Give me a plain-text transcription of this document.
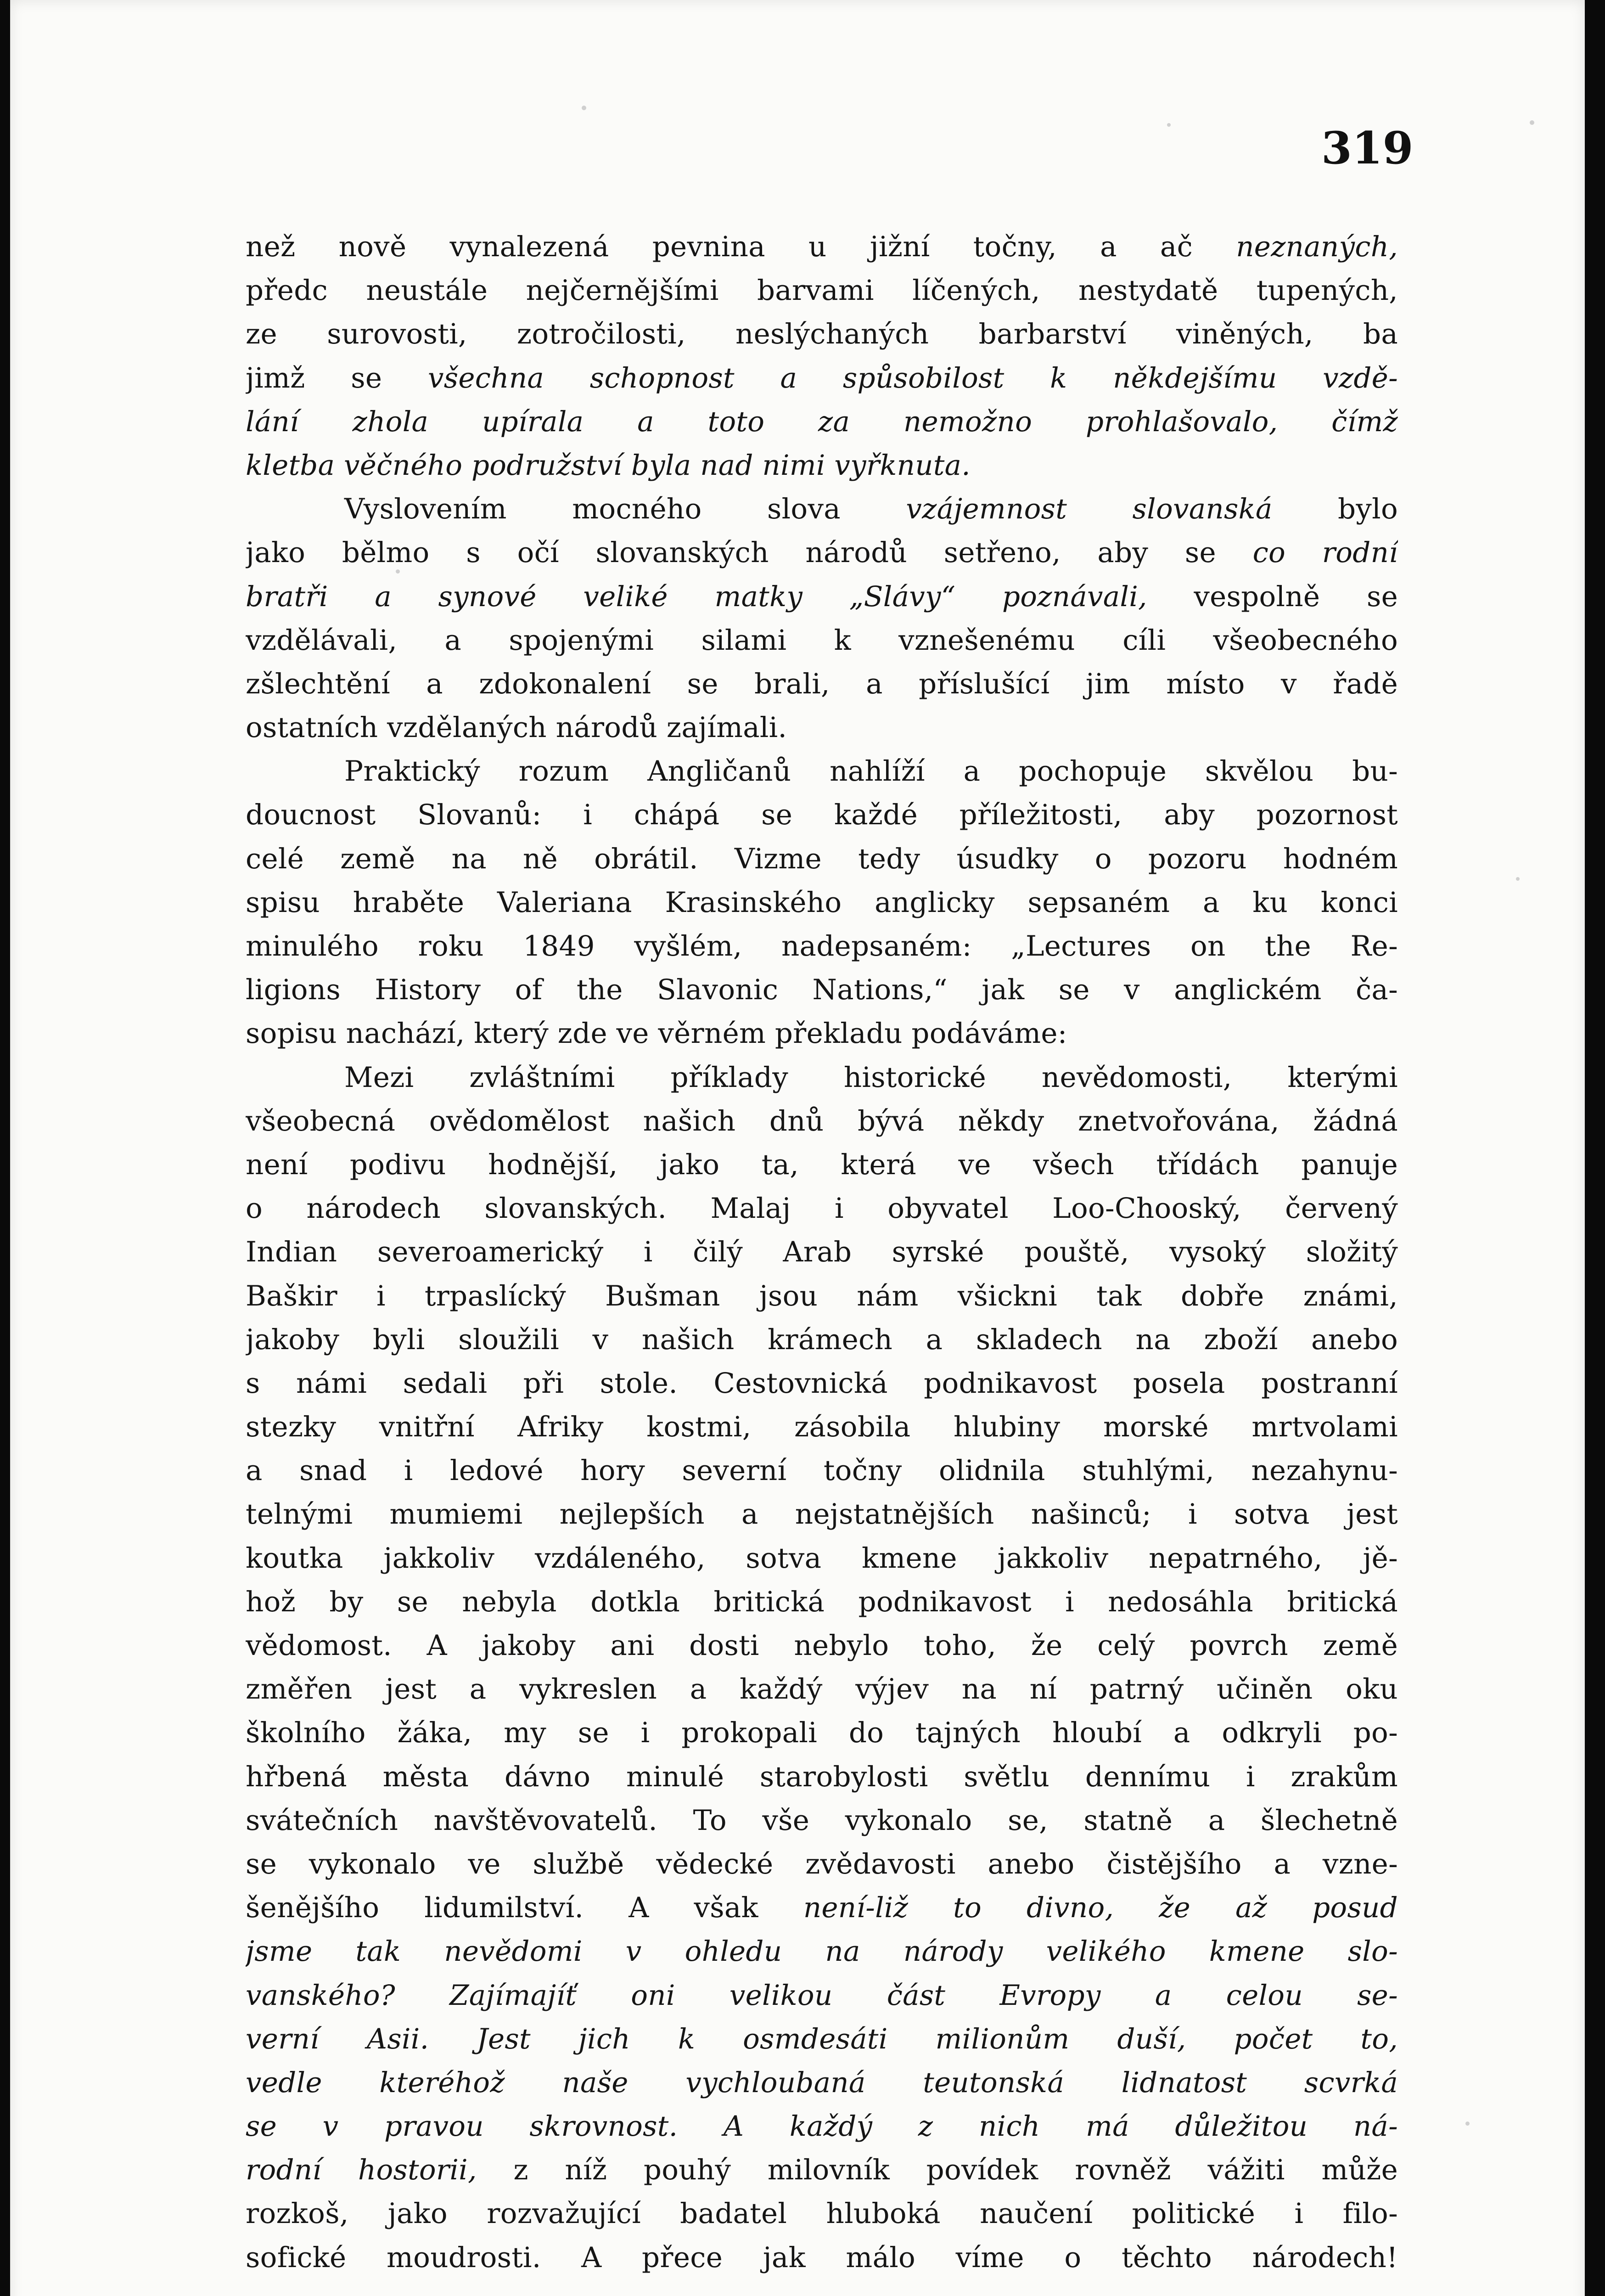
319
než nově vynalezená pevnina u jižní točny, a ač neznaných,
předc neustále nejčernějšími barvami líčených, nestydatě tupených,
ze surovosti, zotročilosti, neslýchaných barbarství viněných, ba
jimž se všechna schopnost a spůsobilost k někdejšímu vzdě-
lání zhola upírala a toto za nemožno prohlašovalo, čímž
kletba věčného podružství byla nad nimi vyřknuta.
Vyslovením mocného slova vzájemnost slovanská bylo
jako bělmo s očí slovanských národů setřeno, aby se co rodní
bratři a synové veliké matky „Slávy“ poznávali, vespolně se
vzdělávali, a spojenými silami k vznešenému cíli všeobecného
zšlechtění a zdokonalení se brali, a příslušící jim místo v řadě
ostatních vzdělaných národů zajímali.
Praktický rozum Angličanů nahlíží a pochopuje skvělou bu-
doucnost Slovanů: i chápá se každé příležitosti, aby pozornost
celé země na ně obrátil. Vizme tedy úsudky o pozoru hodném
spisu hraběte Valeriana Krasinského anglicky sepsaném a ku konci
minulého roku 1849 vyšlém, nadepsaném: „Lectures on the Re-
ligions History of the Slavonic Nations,“ jak se v anglickém ča-
sopisu nachází, který zde ve věrném překladu podáváme:
Mezi zvláštními příklady historické nevědomosti, kterými
všeobecná ovědomělost našich dnů bývá někdy znetvořována, žádná
není podivu hodnější, jako ta, která ve všech třídách panuje
o národech slovanských. Malaj i obyvatel Loo-Chooský, červený
Indian severoamerický i čilý Arab syrské pouště, vysoký složitý
Baškir i trpaslícký Bušman jsou nám všickni tak dobře známi,
jakoby byli sloužili v našich krámech a skladech na zboží anebo
s námi sedali při stole. Cestovnická podnikavost posela postranní
stezky vnitřní Afriky kostmi, zásobila hlubiny morské mrtvolami
a snad i ledové hory severní točny olidnila stuhlými, nezahynu-
telnými mumiemi nejlepších a nejstatnějších našinců; i sotva jest
koutka jakkoliv vzdáleného, sotva kmene jakkoliv nepatrného, jě-
hož by se nebyla dotkla britická podnikavost i nedosáhla britická
vědomost. A jakoby ani dosti nebylo toho, že celý povrch země
změřen jest a vykreslen a každý výjev na ní patrný učiněn oku
školního žáka, my se i prokopali do tajných hloubí a odkryli po-
hřbená města dávno minulé starobylosti světlu dennímu i zrakům
svátečních navštěvovatelů. To vše vykonalo se, statně a šlechetně
se vykonalo ve službě vědecké zvědavosti anebo čistějšího a vzne-
šenějšího lidumilství. A však není-liž to divno, že až posud
jsme tak nevědomi v ohledu na národy velikého kmene slo-
vanského? Zajímajíť oni velikou část Evropy a celou se-
verní Asii. Jest jich k osmdesáti milionům duší, počet to,
vedle kteréhož naše vychloubaná teutonská lidnatost scvrká
se v pravou skrovnost. A každý z nich má důležitou ná-
rodní hostorii, z níž pouhý milovník povídek rovněž vážiti může
rozkoš, jako rozvažující badatel hluboká naučení politické i filo-
sofické moudrosti. A přece jak málo víme o těchto národech!
